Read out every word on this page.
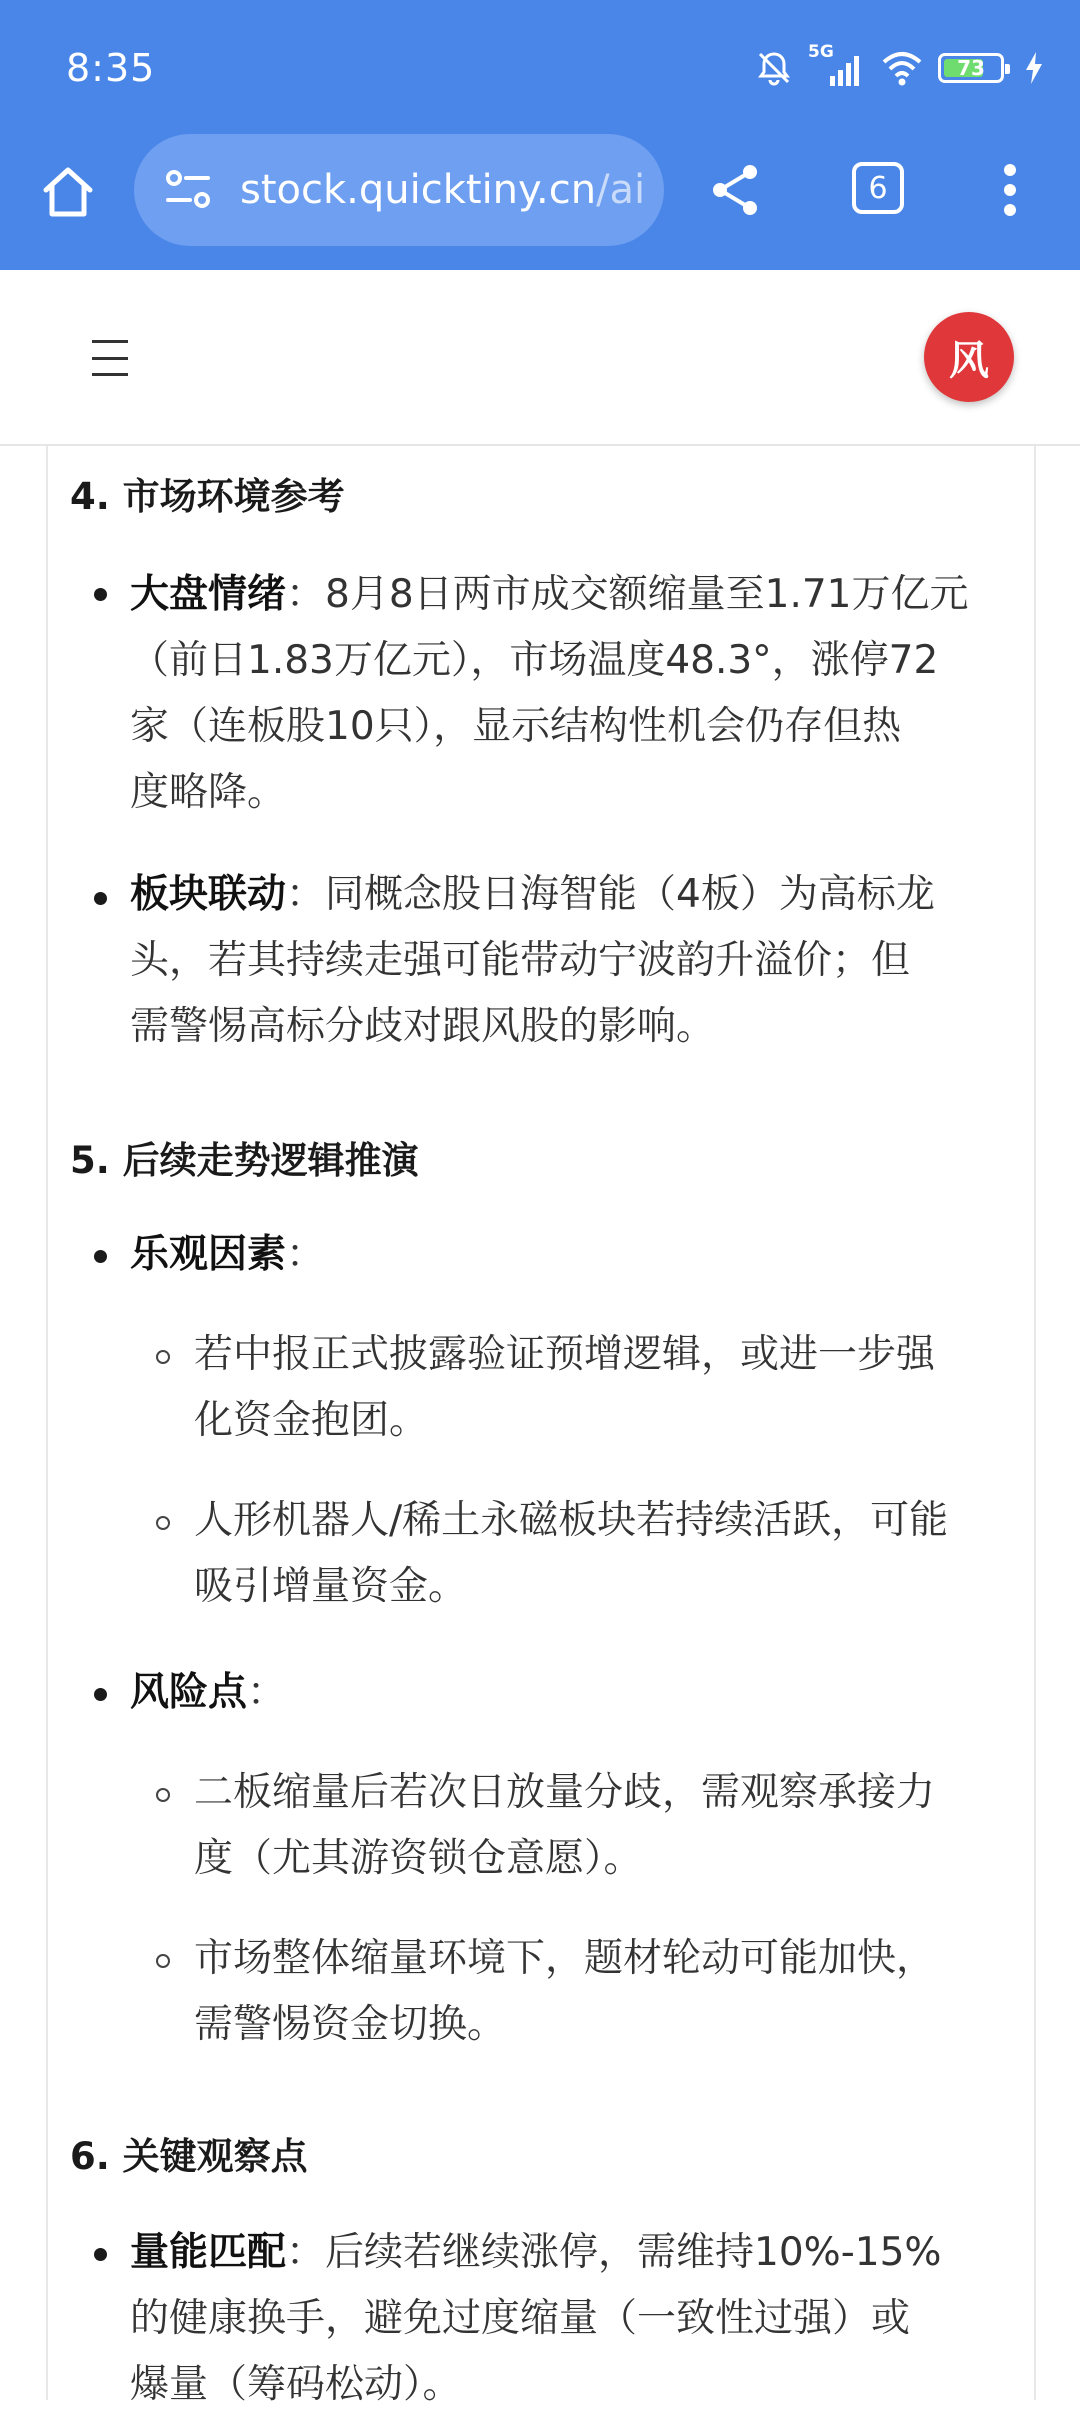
8:35	5G
73
stock.quicktiny.cn/ai	6
风
4. 市场环境参考
大盘情绪：8月8日两市成交额缩量至1.71万亿元
（前日1.83万亿元），市场温度48.3°，涨停72
家（连板股10只），显示结构性机会仍存但热
度略降。
板块联动：同概念股日海智能（4板）为高标龙
头，若其持续走强可能带动宁波韵升溢价；但
需警惕高标分歧对跟风股的影响。
5. 后续走势逻辑推演
乐观因素：
若中报正式披露验证预增逻辑，或进一步强
化资金抱团。
人形机器人/稀土永磁板块若持续活跃，可能
吸引增量资金。
风险点：
二板缩量后若次日放量分歧，需观察承接力
度（尤其游资锁仓意愿）。
市场整体缩量环境下，题材轮动可能加快，
需警惕资金切换。
6. 关键观察点
量能匹配：后续若继续涨停，需维持10%-15%
的健康换手，避免过度缩量（一致性过强）或
爆量（筹码松动）。
